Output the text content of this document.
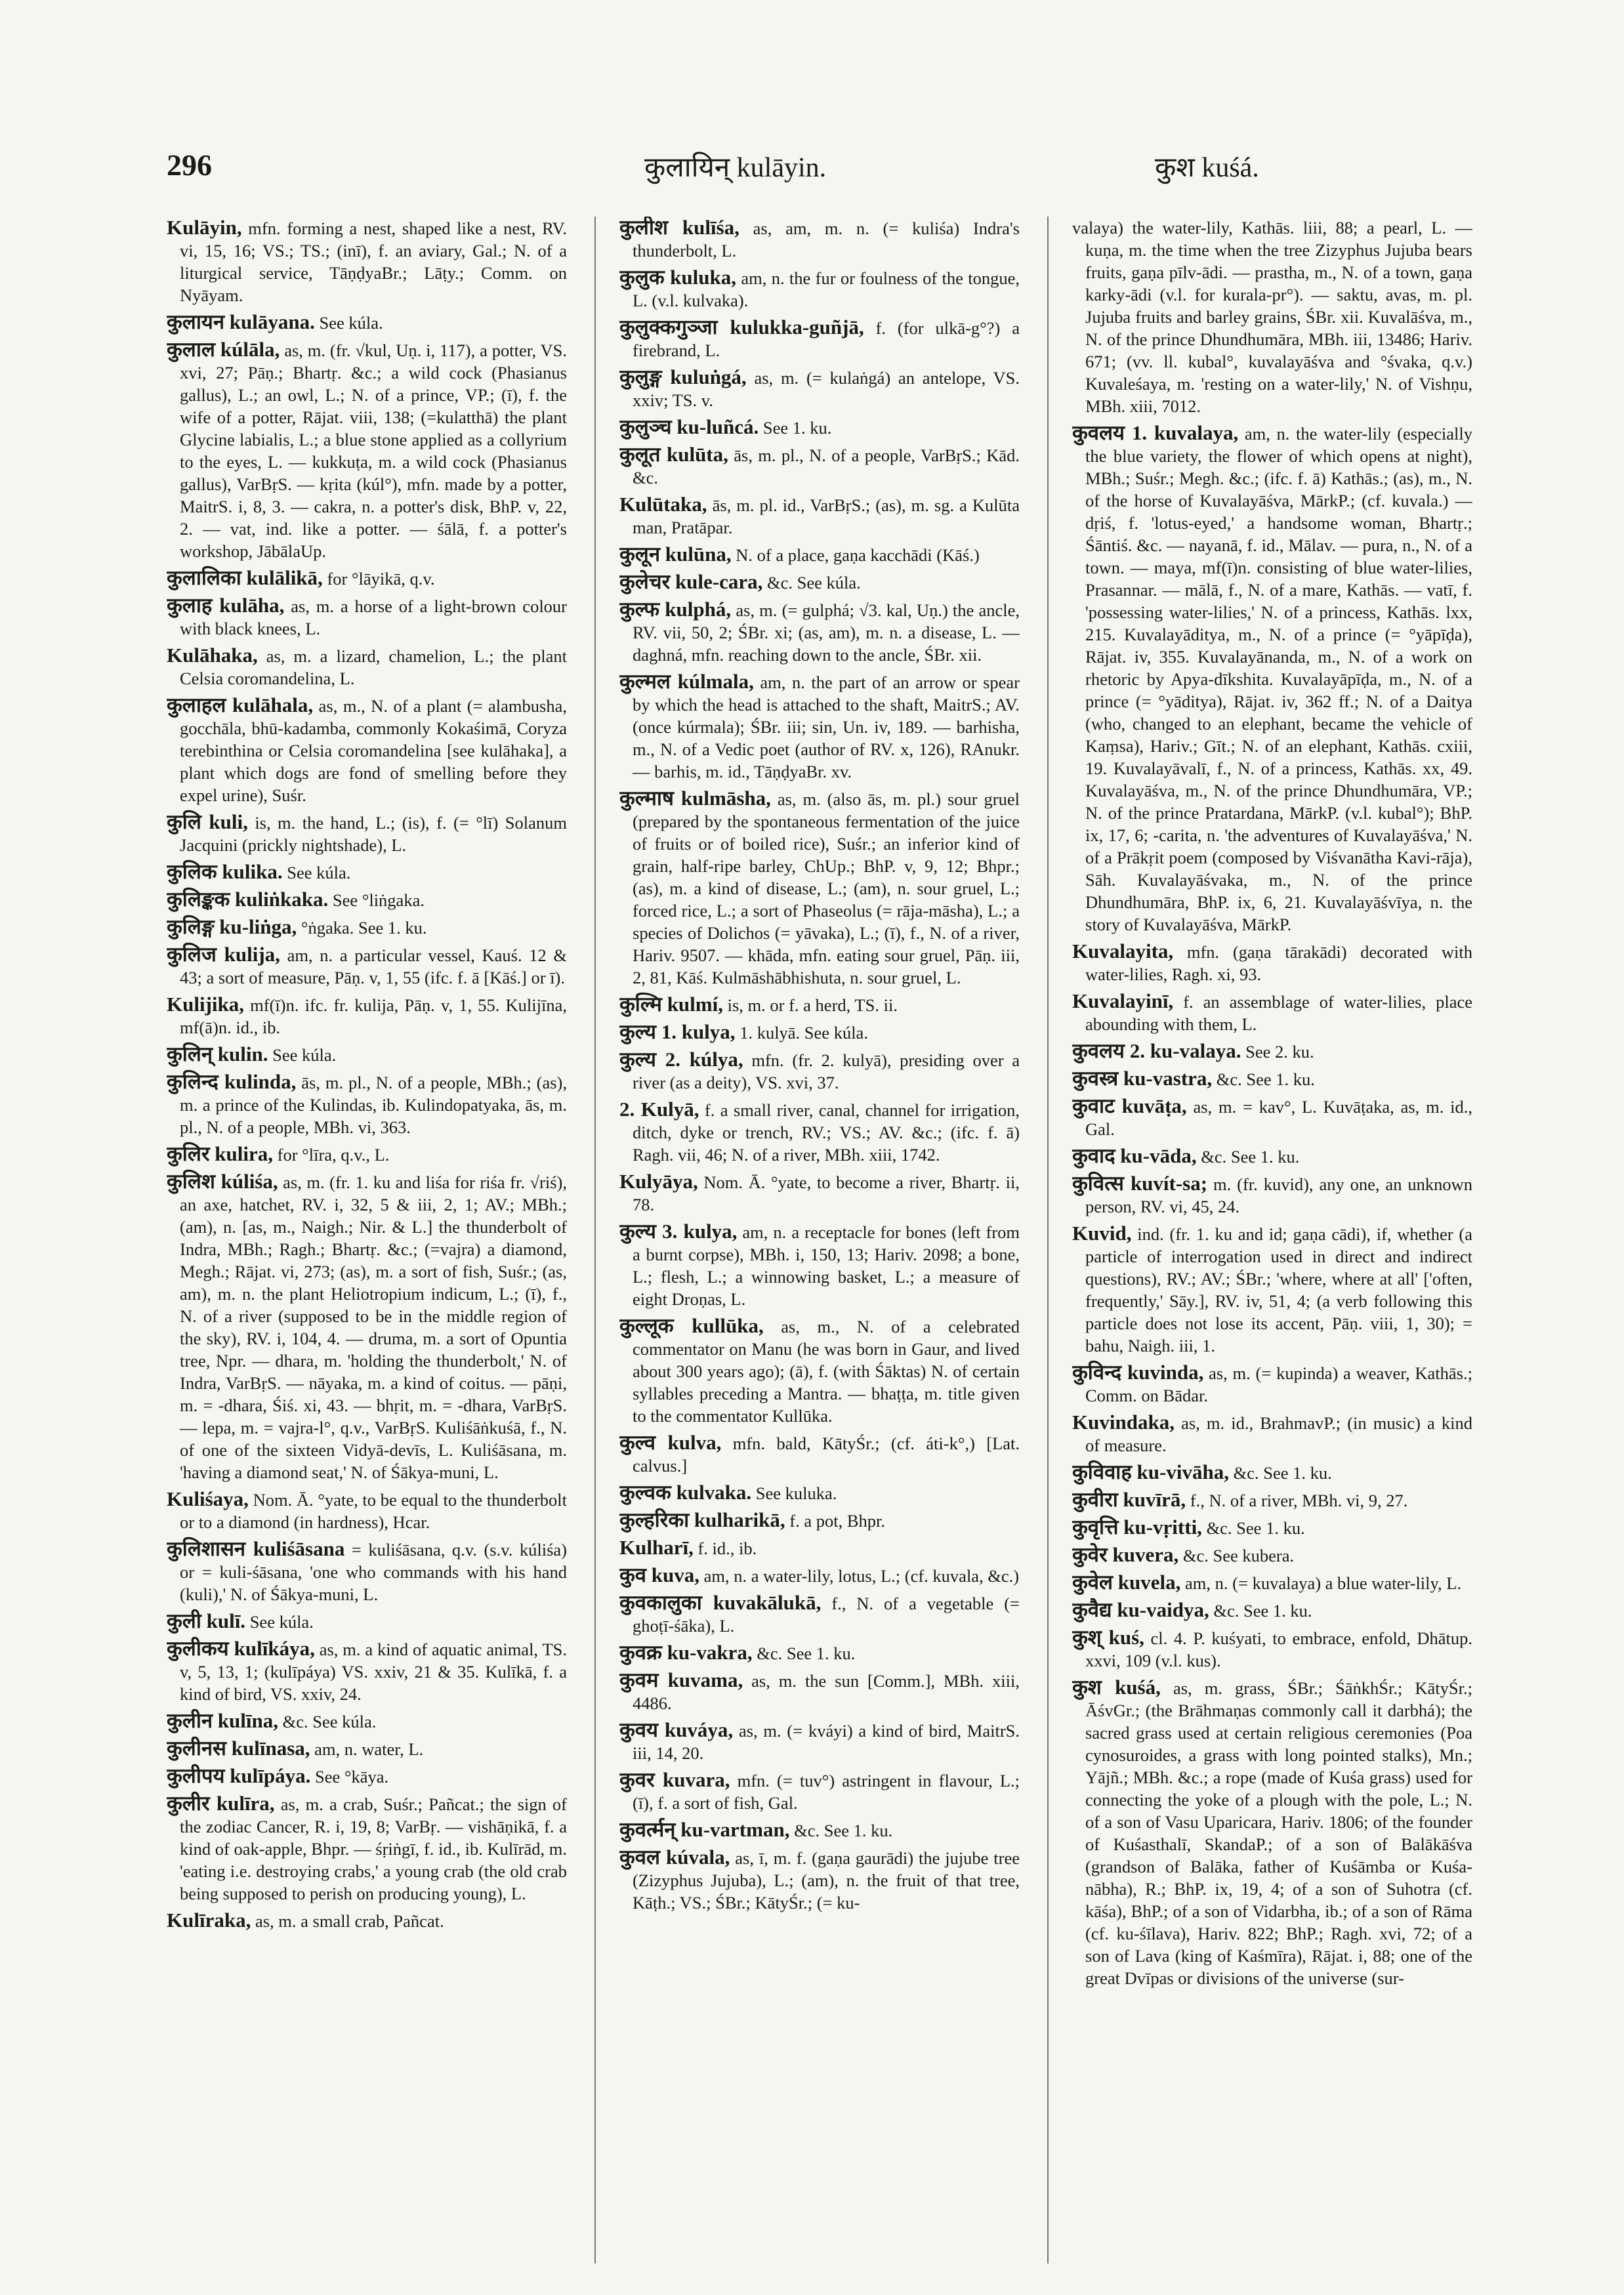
296	कुलायिन् kulāyin.	कुश kuśá.

Kulāyin, mfn. forming a nest, shaped like a nest, RV. vi, 15, 16; VS.; TS.; (inī), f. an aviary, Gal.; N. of a liturgical service, TāṇḍyaBr.; Lāṭy.; Comm. on Nyāyam.

कुलायन kulāyana. See kúla.

कुलाल kúlāla, as, m. (fr. √kul, Uṇ. i, 117), a potter, VS. xvi, 27; Pāṇ.; Bhartṛ. &c.; a wild cock (Phasianus gallus), L.; an owl, L.; N. of a prince, VP.; (ī), f. the wife of a potter, Rājat. viii, 138; (=kulatthā) the plant Glycine labialis, L.; a blue stone applied as a collyrium to the eyes, L. — kukkuṭa, m. a wild cock (Phasianus gallus), VarBṛS. — kṛita (kúl°), mfn. made by a potter, MaitrS. i, 8, 3. — cakra, n. a potter's disk, BhP. v, 22, 2. — vat, ind. like a potter. — śālā, f. a potter's workshop, JābālaUp.

कुलालिका kulālikā, for °lāyikā, q.v.

कुलाह kulāha, as, m. a horse of a light-brown colour with black knees, L.

Kulāhaka, as, m. a lizard, chamelion, L.; the plant Celsia coromandelina, L.

कुलाहल kulāhala, as, m., N. of a plant (= alambusha, gocchāla, bhū-kadamba, commonly Kokaśimā, Coryza terebinthina or Celsia coromandelina [see kulāhaka], a plant which dogs are fond of smelling before they expel urine), Suśr.

कुलि kuli, is, m. the hand, L.; (is), f. (= °lī) Solanum Jacquini (prickly nightshade), L.

कुलिक kulika. See kúla.

कुलिङ्कक kuliṅkaka. See °liṅgaka.

कुलिङ्ग ku-liṅga, °ṅgaka. See 1. ku.

कुलिज kulija, am, n. a particular vessel, Kauś. 12 & 43; a sort of measure, Pāṇ. v, 1, 55 (ifc. f. ā [Kāś.] or ī).

Kulijika, mf(ī)n. ifc. fr. kulija, Pāṇ. v, 1, 55. Kulijīna, mf(ā)n. id., ib.

कुलिन् kulin. See kúla.

कुलिन्द kulinda, ās, m. pl., N. of a people, MBh.; (as), m. a prince of the Kulindas, ib. Kulindopatyaka, ās, m. pl., N. of a people, MBh. vi, 363.

कुलिर kulira, for °līra, q.v., L.

कुलिश kúliśa, as, m. (fr. 1. ku and liśa for riśa fr. √riś), an axe, hatchet, RV. i, 32, 5 & iii, 2, 1; AV.; MBh.; (am), n. [as, m., Naigh.; Nir. & L.] the thunderbolt of Indra, MBh.; Ragh.; Bhartṛ. &c.; (=vajra) a diamond, Megh.; Rājat. vi, 273; (as), m. a sort of fish, Suśr.; (as, am), m. n. the plant Heliotropium indicum, L.; (ī), f., N. of a river (supposed to be in the middle region of the sky), RV. i, 104, 4. — druma, m. a sort of Opuntia tree, Npr. — dhara, m. 'holding the thunderbolt,' N. of Indra, VarBṛS. — nāyaka, m. a kind of coitus. — pāṇi, m. = -dhara, Śiś. xi, 43. — bhṛit, m. = -dhara, VarBṛS. — lepa, m. = vajra-l°, q.v., VarBṛS. Kuliśāṅkuśā, f., N. of one of the sixteen Vidyā-devīs, L. Kuliśāsana, m. 'having a diamond seat,' N. of Śākya-muni, L.

Kuliśaya, Nom. Ā. °yate, to be equal to the thunderbolt or to a diamond (in hardness), Hcar.

कुलिशासन kuliśāsana = kuliśāsana, q.v. (s.v. kúliśa) or = kuli-śāsana, 'one who commands with his hand (kuli),' N. of Śākya-muni, L.

कुली kulī. See kúla.

कुलीकय kulīkáya, as, m. a kind of aquatic animal, TS. v, 5, 13, 1; (kulīpáya) VS. xxiv, 21 & 35. Kulīkā, f. a kind of bird, VS. xxiv, 24.

कुलीन kulīna, &c. See kúla.

कुलीनस kulīnasa, am, n. water, L.

कुलीपय kulīpáya. See °kāya.

कुलीर kulīra, as, m. a crab, Suśr.; Pañcat.; the sign of the zodiac Cancer, R. i, 19, 8; VarBṛ. — vishāṇikā, f. a kind of oak-apple, Bhpr. — śṛiṅgī, f. id., ib. Kulīrād, m. 'eating i.e. destroying crabs,' a young crab (the old crab being supposed to perish on producing young), L.

Kulīraka, as, m. a small crab, Pañcat.

कुलीश kulīśa, as, am, m. n. (= kuliśa) Indra's thunderbolt, L.

कुलुक kuluka, am, n. the fur or foulness of the tongue, L. (v.l. kulvaka).

कुलुक्कगुञ्जा kulukka-guñjā, f. (for ulkā-g°?) a firebrand, L.

कुलुङ्ग kuluṅgá, as, m. (= kulaṅgá) an antelope, VS. xxiv; TS. v.

कुलुञ्च ku-luñcá. See 1. ku.

कुलूत kulūta, ās, m. pl., N. of a people, VarBṛS.; Kād. &c.

Kulūtaka, ās, m. pl. id., VarBṛS.; (as), m. sg. a Kulūta man, Pratāpar.

कुलून kulūna, N. of a place, gaṇa kacchādi (Kāś.)

कुलेचर kule-cara, &c. See kúla.

कुल्फ kulphá, as, m. (= gulphá; √3. kal, Uṇ.) the ancle, RV. vii, 50, 2; ŚBr. xi; (as, am), m. n. a disease, L. — daghná, mfn. reaching down to the ancle, ŚBr. xii.

कुल्मल kúlmala, am, n. the part of an arrow or spear by which the head is attached to the shaft, MaitrS.; AV. (once kúrmala); ŚBr. iii; sin, Un. iv, 189. — barhisha, m., N. of a Vedic poet (author of RV. x, 126), RAnukr. — barhis, m. id., TāṇḍyaBr. xv.

कुल्माष kulmāsha, as, m. (also ās, m. pl.) sour gruel (prepared by the spontaneous fermentation of the juice of fruits or of boiled rice), Suśr.; an inferior kind of grain, half-ripe barley, ChUp.; BhP. v, 9, 12; Bhpr.; (as), m. a kind of disease, L.; (am), n. sour gruel, L.; forced rice, L.; a sort of Phaseolus (= rāja-māsha), L.; a species of Dolichos (= yāvaka), L.; (ī), f., N. of a river, Hariv. 9507. — khāda, mfn. eating sour gruel, Pāṇ. iii, 2, 81, Kāś. Kulmāshābhishuta, n. sour gruel, L.

कुल्मि kulmí, is, m. or f. a herd, TS. ii.

कुल्य 1. kulya, 1. kulyā. See kúla.

कुल्य 2. kúlya, mfn. (fr. 2. kulyā), presiding over a river (as a deity), VS. xvi, 37.

2. Kulyā, f. a small river, canal, channel for irrigation, ditch, dyke or trench, RV.; VS.; AV. &c.; (ifc. f. ā) Ragh. vii, 46; N. of a river, MBh. xiii, 1742.

Kulyāya, Nom. Ā. °yate, to become a river, Bhartṛ. ii, 78.

कुल्य 3. kulya, am, n. a receptacle for bones (left from a burnt corpse), MBh. i, 150, 13; Hariv. 2098; a bone, L.; flesh, L.; a winnowing basket, L.; a measure of eight Droṇas, L.

कुल्लूक kullūka, as, m., N. of a celebrated commentator on Manu (he was born in Gaur, and lived about 300 years ago); (ā), f. (with Śāktas) N. of certain syllables preceding a Mantra. — bhaṭṭa, m. title given to the commentator Kullūka.

कुल्व kulva, mfn. bald, KātyŚr.; (cf. áti-k°,) [Lat. calvus.]

कुल्वक kulvaka. See kuluka.

कुल्हरिका kulharikā, f. a pot, Bhpr.

Kulharī, f. id., ib.

कुव kuva, am, n. a water-lily, lotus, L.; (cf. kuvala, &c.)

कुवकालुका kuvakālukā, f., N. of a vegetable (= ghoṭī-śāka), L.

कुवक्र ku-vakra, &c. See 1. ku.

कुवम kuvama, as, m. the sun [Comm.], MBh. xiii, 4486.

कुवय kuváya, as, m. (= kváyi) a kind of bird, MaitrS. iii, 14, 20.

कुवर kuvara, mfn. (= tuv°) astringent in flavour, L.; (ī), f. a sort of fish, Gal.

कुवर्त्मन् ku-vartman, &c. See 1. ku.

कुवल kúvala, as, ī, m. f. (gaṇa gaurādi) the jujube tree (Zizyphus Jujuba), L.; (am), n. the fruit of that tree, Kāṭh.; VS.; ŚBr.; KātyŚr.; (= ku-

valaya) the water-lily, Kathās. liii, 88; a pearl, L. — kuṇa, m. the time when the tree Zizyphus Jujuba bears fruits, gaṇa pīlv-ādi. — prastha, m., N. of a town, gaṇa karky-ādi (v.l. for kurala-pr°). — saktu, avas, m. pl. Jujuba fruits and barley grains, ŚBr. xii. Kuvalāśva, m., N. of the prince Dhundhumāra, MBh. iii, 13486; Hariv. 671; (vv. ll. kubal°, kuvalayāśva and °śvaka, q.v.) Kuvaleśaya, m. 'resting on a water-lily,' N. of Vishṇu, MBh. xiii, 7012.

कुवलय 1. kuvalaya, am, n. the water-lily (especially the blue variety, the flower of which opens at night), MBh.; Suśr.; Megh. &c.; (ifc. f. ā) Kathās.; (as), m., N. of the horse of Kuvalayāśva, MārkP.; (cf. kuvala.) — dṛiś, f. 'lotus-eyed,' a handsome woman, Bhartṛ.; Śāntiś. &c. — nayanā, f. id., Mālav. — pura, n., N. of a town. — maya, mf(ī)n. consisting of blue water-lilies, Prasannar. — mālā, f., N. of a mare, Kathās. — vatī, f. 'possessing water-lilies,' N. of a princess, Kathās. lxx, 215. Kuvalayāditya, m., N. of a prince (= °yāpīḍa), Rājat. iv, 355. Kuvalayānanda, m., N. of a work on rhetoric by Apya-dīkshita. Kuvalayāpīḍa, m., N. of a prince (= °yāditya), Rājat. iv, 362 ff.; N. of a Daitya (who, changed to an elephant, became the vehicle of Kaṃsa), Hariv.; Gīt.; N. of an elephant, Kathās. cxiii, 19. Kuvalayāvalī, f., N. of a princess, Kathās. xx, 49. Kuvalayāśva, m., N. of the prince Dhundhumāra, VP.; N. of the prince Pratardana, MārkP. (v.l. kubal°); BhP. ix, 17, 6; -carita, n. 'the adventures of Kuvalayāśva,' N. of a Prākṛit poem (composed by Viśvanātha Kavi-rāja), Sāh. Kuvalayāśvaka, m., N. of the prince Dhundhumāra, BhP. ix, 6, 21. Kuvalayāśvīya, n. the story of Kuvalayāśva, MārkP.

Kuvalayita, mfn. (gaṇa tārakādi) decorated with water-lilies, Ragh. xi, 93.

Kuvalayinī, f. an assemblage of water-lilies, place abounding with them, L.

कुवलय 2. ku-valaya. See 2. ku.

कुवस्त्र ku-vastra, &c. See 1. ku.

कुवाट kuvāṭa, as, m. = kav°, L. Kuvāṭaka, as, m. id., Gal.

कुवाद ku-vāda, &c. See 1. ku.

कुवित्स kuvít-sa; m. (fr. kuvid), any one, an unknown person, RV. vi, 45, 24.

Kuvid, ind. (fr. 1. ku and id; gaṇa cādi), if, whether (a particle of interrogation used in direct and indirect questions), RV.; AV.; ŚBr.; 'where, where at all' ['often, frequently,' Sāy.], RV. iv, 51, 4; (a verb following this particle does not lose its accent, Pāṇ. viii, 1, 30); = bahu, Naigh. iii, 1.

कुविन्द kuvinda, as, m. (= kupinda) a weaver, Kathās.; Comm. on Bādar.

Kuvindaka, as, m. id., BrahmavP.; (in music) a kind of measure.

कुविवाह ku-vivāha, &c. See 1. ku.

कुवीरा kuvīrā, f., N. of a river, MBh. vi, 9, 27.

कुवृत्ति ku-vṛitti, &c. See 1. ku.

कुवेर kuvera, &c. See kubera.

कुवेल kuvela, am, n. (= kuvalaya) a blue water-lily, L.

कुवैद्य ku-vaidya, &c. See 1. ku.

कुश् kuś, cl. 4. P. kuśyati, to embrace, enfold, Dhātup. xxvi, 109 (v.l. kus).

कुश kuśá, as, m. grass, ŚBr.; ŚāṅkhŚr.; KātyŚr.; ĀśvGr.; (the Brāhmaṇas commonly call it darbhá); the sacred grass used at certain religious ceremonies (Poa cynosuroides, a grass with long pointed stalks), Mn.; Yājñ.; MBh. &c.; a rope (made of Kuśa grass) used for connecting the yoke of a plough with the pole, L.; N. of a son of Vasu Uparicara, Hariv. 1806; of the founder of Kuśasthalī, SkandaP.; of a son of Balākāśva (grandson of Balāka, father of Kuśāmba or Kuśa-nābha), R.; BhP. ix, 19, 4; of a son of Suhotra (cf. kāśa), BhP.; of a son of Vidarbha, ib.; of a son of Rāma (cf. ku-śīlava), Hariv. 822; BhP.; Ragh. xvi, 72; of a son of Lava (king of Kaśmīra), Rājat. i, 88; one of the great Dvīpas or divisions of the universe (sur-
